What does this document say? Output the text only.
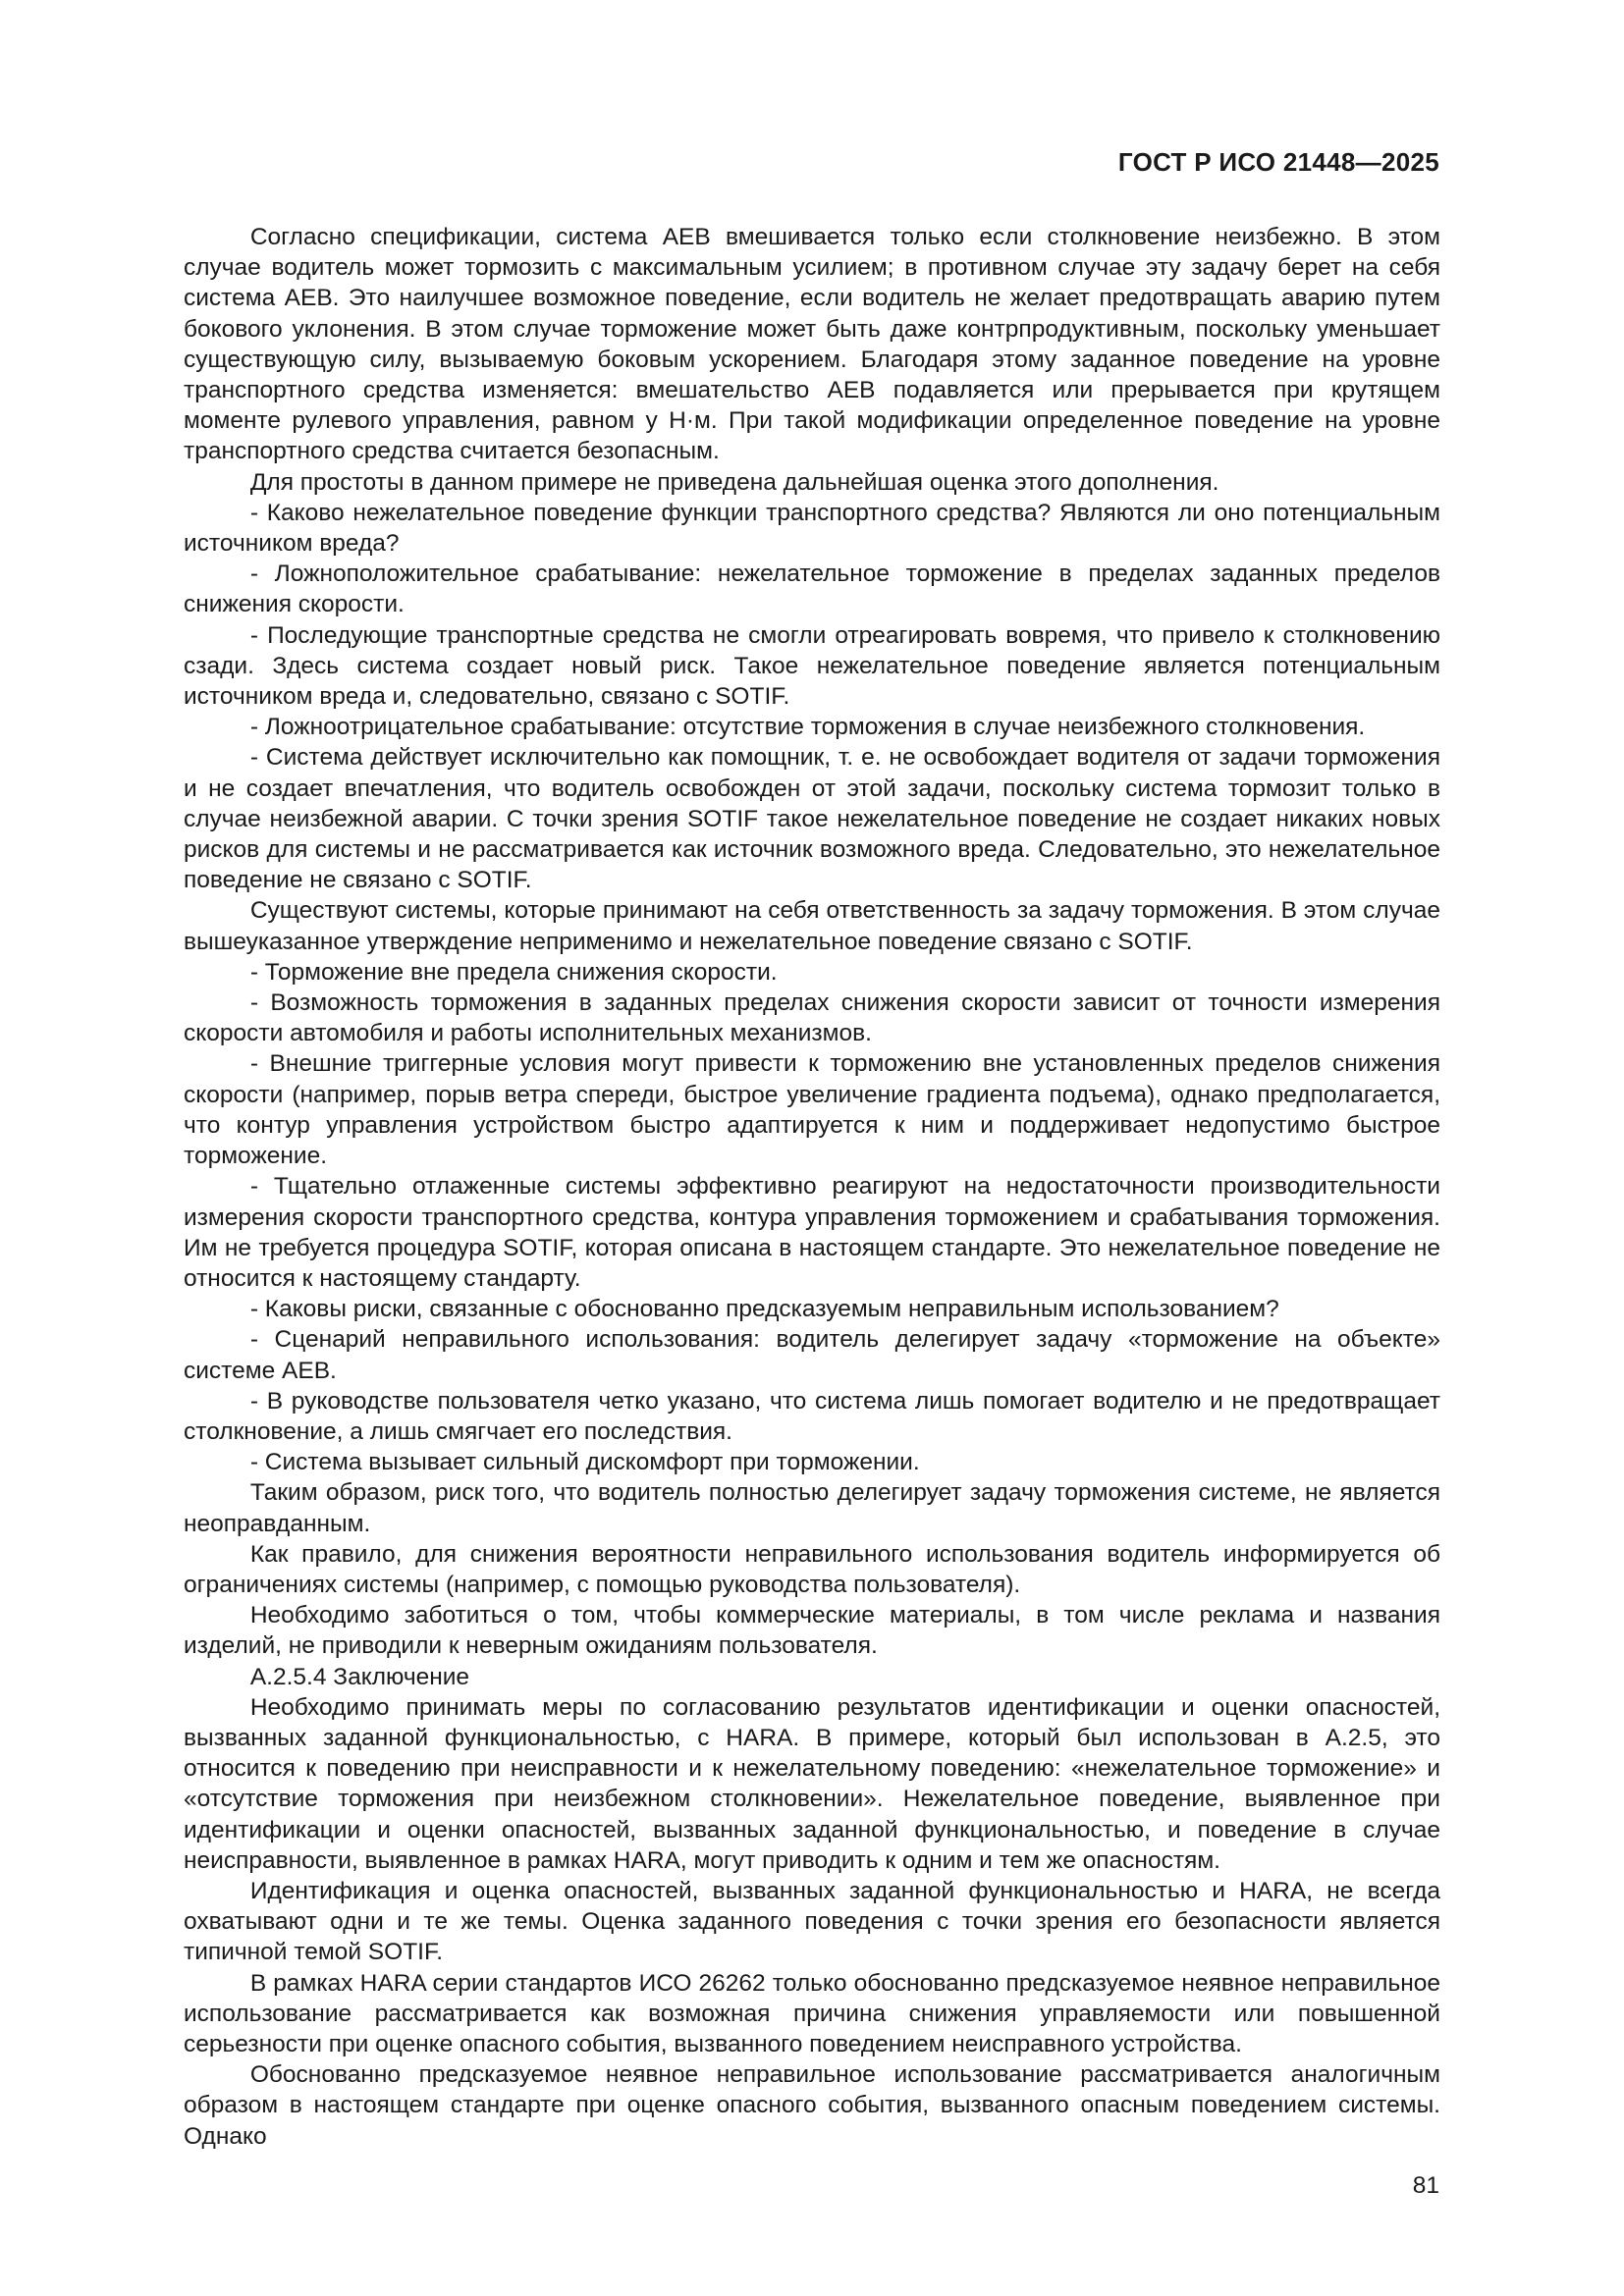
ГОСТ Р ИСО 21448—2025

Согласно спецификации, система АЕВ вмешивается только если столкновение неизбежно. В этом случае водитель может тормозить с максимальным усилием; в противном случае эту задачу берет на себя система АЕВ. Это наилучшее возможное поведение, если водитель не желает предотвращать аварию путем бокового уклонения. В этом случае торможение может быть даже контрпродуктивным, поскольку уменьшает существующую силу, вызываемую боковым ускорением. Благодаря этому заданное поведение на уровне транспортного средства изменяется: вмешательство АЕВ подавляется или прерывается при крутящем моменте рулевого управления, равном y Н·м. При такой модификации определенное поведение на уровне транспортного средства считается безопасным.

Для простоты в данном примере не приведена дальнейшая оценка этого дополнения.

- Каково нежелательное поведение функции транспортного средства? Являются ли оно потенциальным источником вреда?

- Ложноположительное срабатывание: нежелательное торможение в пределах заданных пределов снижения скорости.

- Последующие транспортные средства не смогли отреагировать вовремя, что привело к столкновению сзади. Здесь система создает новый риск. Такое нежелательное поведение является потенциальным источником вреда и, следовательно, связано с SOTIF.

- Ложноотрицательное срабатывание: отсутствие торможения в случае неизбежного столкновения.

- Система действует исключительно как помощник, т. е. не освобождает водителя от задачи торможения и не создает впечатления, что водитель освобожден от этой задачи, поскольку система тормозит только в случае неизбежной аварии. С точки зрения SOTIF такое нежелательное поведение не создает никаких новых рисков для системы и не рассматривается как источник возможного вреда. Следовательно, это нежелательное поведение не связано с SOTIF.

Существуют системы, которые принимают на себя ответственность за задачу торможения. В этом случае вышеуказанное утверждение неприменимо и нежелательное поведение связано с SOTIF.

- Торможение вне предела снижения скорости.

- Возможность торможения в заданных пределах снижения скорости зависит от точности измерения скорости автомобиля и работы исполнительных механизмов.

- Внешние триггерные условия могут привести к торможению вне установленных пределов снижения скорости (например, порыв ветра спереди, быстрое увеличение градиента подъема), однако предполагается, что контур управления устройством быстро адаптируется к ним и поддерживает недопустимо быстрое торможение.

- Тщательно отлаженные системы эффективно реагируют на недостаточности производительности измерения скорости транспортного средства, контура управления торможением и срабатывания торможения. Им не требуется процедура SOTIF, которая описана в настоящем стандарте. Это нежелательное поведение не относится к настоящему стандарту.

- Каковы риски, связанные с обоснованно предсказуемым неправильным использованием?

- Сценарий неправильного использования: водитель делегирует задачу «торможение на объекте» системе АЕВ.

- В руководстве пользователя четко указано, что система лишь помогает водителю и не предотвращает столкновение, а лишь смягчает его последствия.

- Система вызывает сильный дискомфорт при торможении.

Таким образом, риск того, что водитель полностью делегирует задачу торможения системе, не является неоправданным.

Как правило, для снижения вероятности неправильного использования водитель информируется об ограничениях системы (например, с помощью руководства пользователя).

Необходимо заботиться о том, чтобы коммерческие материалы, в том числе реклама и названия изделий, не приводили к неверным ожиданиям пользователя.

А.2.5.4 Заключение

Необходимо принимать меры по согласованию результатов идентификации и оценки опасностей, вызванных заданной функциональностью, с HARA. В примере, который был использован в А.2.5, это относится к поведению при неисправности и к нежелательному поведению: «нежелательное торможение» и «отсутствие торможения при неизбежном столкновении». Нежелательное поведение, выявленное при идентификации и оценки опасностей, вызванных заданной функциональностью, и поведение в случае неисправности, выявленное в рамках HARA, могут приводить к одним и тем же опасностям.

Идентификация и оценка опасностей, вызванных заданной функциональностью и HARA, не всегда охватывают одни и те же темы. Оценка заданного поведения с точки зрения его безопасности является типичной темой SOTIF.

В рамках HARA серии стандартов ИСО 26262 только обоснованно предсказуемое неявное неправильное использование рассматривается как возможная причина снижения управляемости или повышенной серьезности при оценке опасного события, вызванного поведением неисправного устройства.

Обоснованно предсказуемое неявное неправильное использование рассматривается аналогичным образом в настоящем стандарте при оценке опасного события, вызванного опасным поведением системы. Однако

81
